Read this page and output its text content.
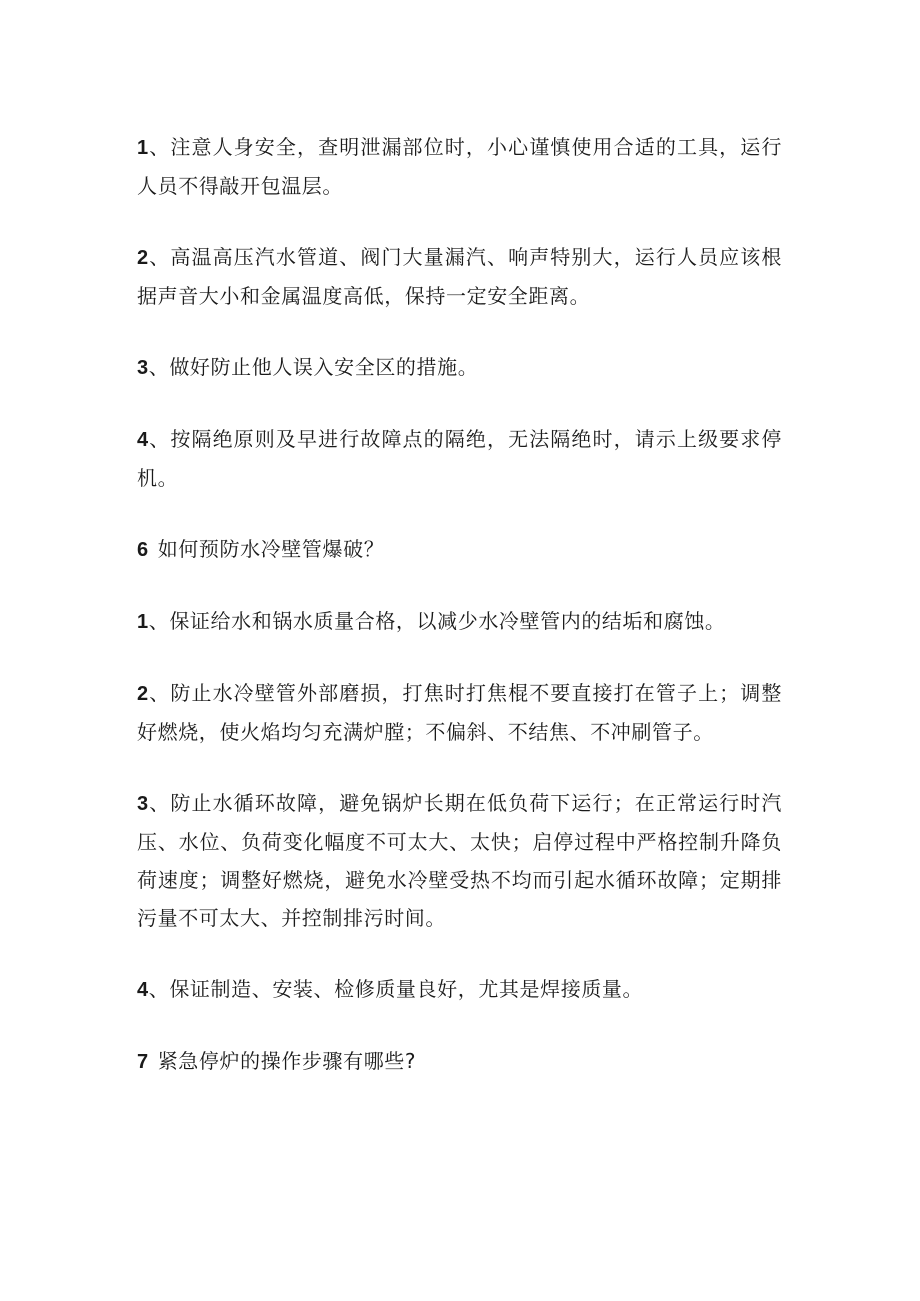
1、注意人身安全，查明泄漏部位时，小心谨慎使用合适的工具，运行人员不得敲开包温层。

2、高温高压汽水管道、阀门大量漏汽、响声特别大，运行人员应该根据声音大小和金属温度高低，保持一定安全距离。

3、做好防止他人误入安全区的措施。

4、按隔绝原则及早进行故障点的隔绝，无法隔绝时，请示上级要求停机。

6 如何预防水冷壁管爆破？

1、保证给水和锅水质量合格，以减少水冷壁管内的结垢和腐蚀。

2、防止水冷壁管外部磨损，打焦时打焦棍不要直接打在管子上；调整好燃烧，使火焰均匀充满炉膛；不偏斜、不结焦、不冲刷管子。

3、防止水循环故障，避免锅炉长期在低负荷下运行；在正常运行时汽压、水位、负荷变化幅度不可太大、太快；启停过程中严格控制升降负荷速度；调整好燃烧，避免水冷壁受热不均而引起水循环故障；定期排污量不可太大、并控制排污时间。

4、保证制造、安装、检修质量良好，尤其是焊接质量。

7 紧急停炉的操作步骤有哪些?
